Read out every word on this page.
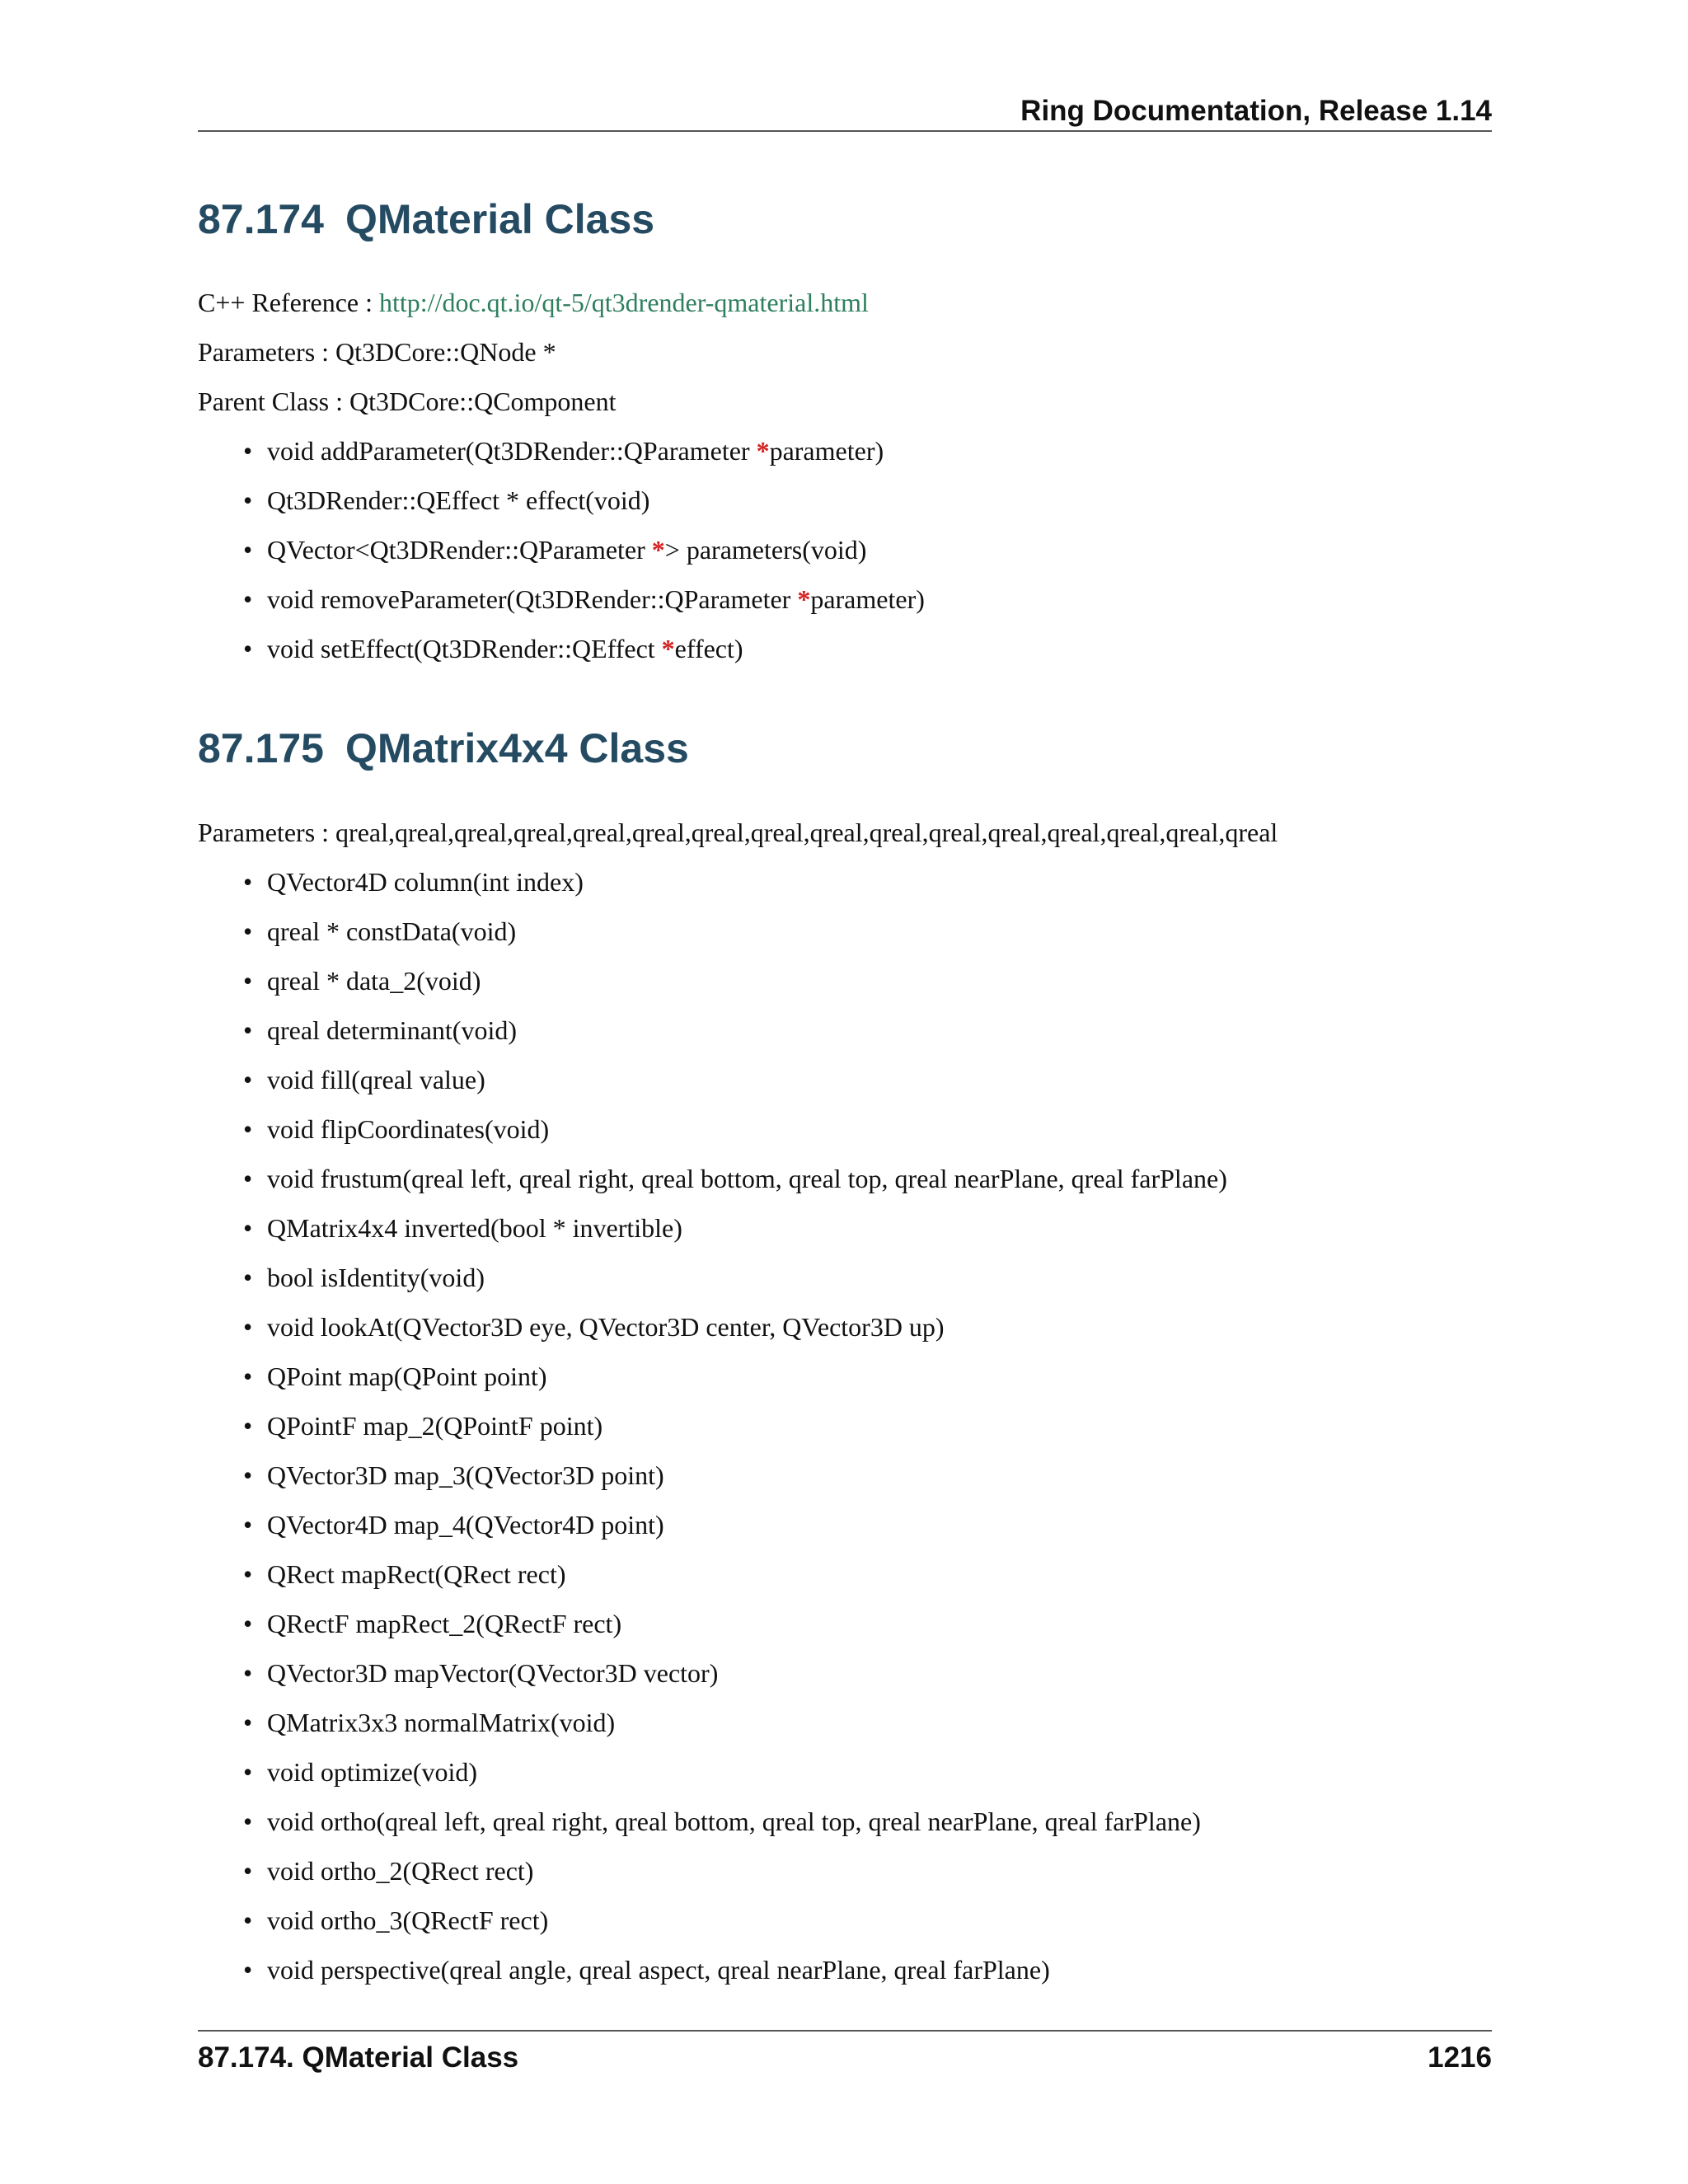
Ring Documentation, Release 1.14
87.174 QMaterial Class

C++ Reference : http://doc.qt.io/qt-5/qt3drender-qmaterial.html

Parameters : Qt3DCore::QNode *

Parent Class : Qt3DCore::QComponent

• void addParameter(Qt3DRender::QParameter *parameter)
• Qt3DRender::QEffect * effect(void)
• QVector<Qt3DRender::QParameter *> parameters(void)
• void removeParameter(Qt3DRender::QParameter *parameter)
• void setEffect(Qt3DRender::QEffect *effect)
87.175 QMatrix4x4 Class

Parameters : qreal,qreal,qreal,qreal,qreal,qreal,qreal,qreal,qreal,qreal,qreal,qreal,qreal,qreal,qreal,qreal

• QVector4D column(int index)
• qreal * constData(void)
• qreal * data_2(void)
• qreal determinant(void)
• void fill(qreal value)
• void flipCoordinates(void)
• void frustum(qreal left, qreal right, qreal bottom, qreal top, qreal nearPlane, qreal farPlane)
• QMatrix4x4 inverted(bool * invertible)
• bool isIdentity(void)
• void lookAt(QVector3D eye, QVector3D center, QVector3D up)
• QPoint map(QPoint point)
• QPointF map_2(QPointF point)
• QVector3D map_3(QVector3D point)
• QVector4D map_4(QVector4D point)
• QRect mapRect(QRect rect)
• QRectF mapRect_2(QRectF rect)
• QVector3D mapVector(QVector3D vector)
• QMatrix3x3 normalMatrix(void)
• void optimize(void)
• void ortho(qreal left, qreal right, qreal bottom, qreal top, qreal nearPlane, qreal farPlane)
• void ortho_2(QRect rect)
• void ortho_3(QRectF rect)
• void perspective(qreal angle, qreal aspect, qreal nearPlane, qreal farPlane)
87.174. QMaterial Class	1216
